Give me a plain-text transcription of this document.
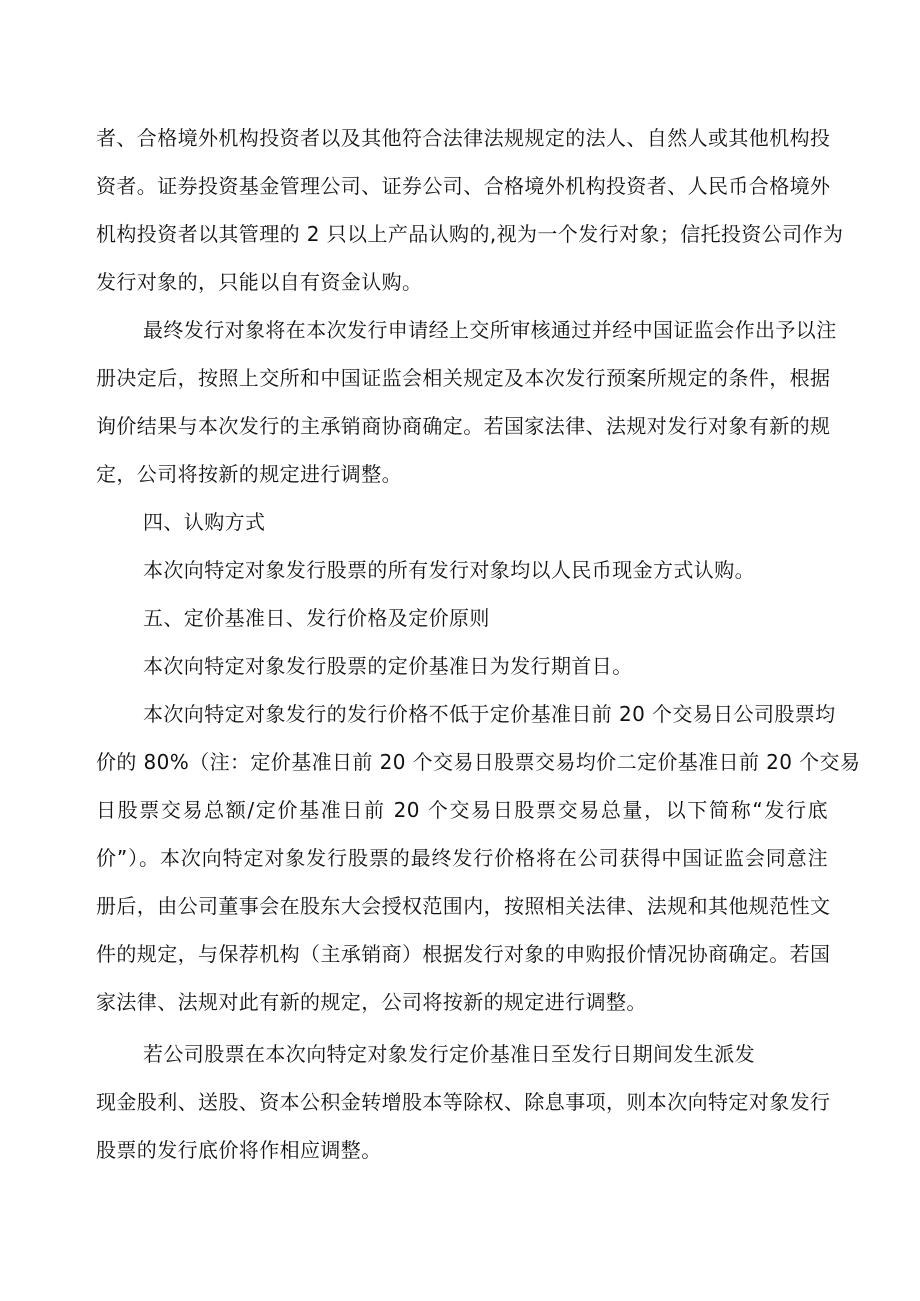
者、合格境外机构投资者以及其他符合法律法规规定的法人、自然人或其他机构投
资者。证券投资基金管理公司、证券公司、合格境外机构投资者、人民币合格境外
机构投资者以其管理的 2 只以上产品认购的,视为一个发行对象；信托投资公司作为
发行对象的，只能以自有资金认购。
最终发行对象将在本次发行申请经上交所审核通过并经中国证监会作出予以注
册决定后，按照上交所和中国证监会相关规定及本次发行预案所规定的条件，根据
询价结果与本次发行的主承销商协商确定。若国家法律、法规对发行对象有新的规
定，公司将按新的规定进行调整。
四、认购方式
本次向特定对象发行股票的所有发行对象均以人民币现金方式认购。
五、定价基准日、发行价格及定价原则
本次向特定对象发行股票的定价基准日为发行期首日。
本次向特定对象发行的发行价格不低于定价基准日前 20 个交易日公司股票均
价的 80%（注：定价基准日前 20 个交易日股票交易均价二定价基准日前 20 个交易
日股票交易总额/定价基准日前 20 个交易日股票交易总量，以下简称“发行底
价”）。本次向特定对象发行股票的最终发行价格将在公司获得中国证监会同意注
册后，由公司董事会在股东大会授权范围内，按照相关法律、法规和其他规范性文
件的规定，与保荐机构（主承销商）根据发行对象的申购报价情况协商确定。若国
家法律、法规对此有新的规定，公司将按新的规定进行调整。
若公司股票在本次向特定对象发行定价基准日至发行日期间发生派发
现金股利、送股、资本公积金转增股本等除权、除息事项，则本次向特定对象发行
股票的发行底价将作相应调整。
